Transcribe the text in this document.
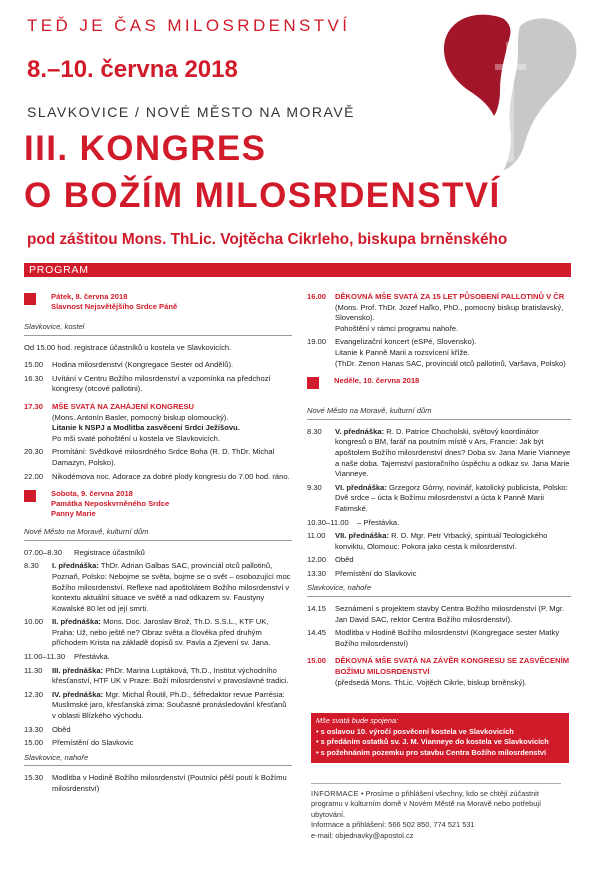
TEĎ JE ČAS MILOSRDENSTVÍ
8.–10. června 2018
SLAVKOVICE / NOVÉ MĚSTO NA MORAVĚ
III. KONGRES
O BOŽÍM MILOSRDENSTVÍ
pod záštitou Mons. ThLic. Vojtěcha Cikrleho, biskupa brněnského
PROGRAM
Pátek, 8. června 2018
Slavnost Nejsvětějšího Srdce Páně
Slavkovice, kostel
Od 15.00 hod. registrace účastníků u kostela ve Slavkovicích.
15.00	Hodina milosrdenství (Kongregace Sester od Andělů).
16.30	Uvítání v Centru Božího milosrdenství a vzpomínka na předchozí kongresy (otcové pallotini).
17.30	MŠE SVATÁ NA ZAHÁJENÍ KONGRESU
(Mons. Antonín Basler, pomocný biskup olomoucký).
Litanie k NSPJ a Modlitba zasvěcení Srdci Ježíšovu.
Po mši svaté pohoštění u kostela ve Slavkovicích.
20.30	Promítání: Svědkové milosrdného Srdce Boha (R. D. ThDr. Michal Damazyn, Polsko).
22.00	Nikodémova noc. Adorace za dobré plody kongresu do 7.00 hod. ráno.
Sobota, 9. června 2018
Památka Neposkvrněného Srdce
Panny Marie
Nové Město na Moravě, kulturní dům
07.00–8.30	Registrace účastníků
8.30	I. přednáška: ThDr. Adrian Galbas SAC, provinciál otců pallotinů, Poznaň, Polsko: Nebojme se světa, bojme se o svět – osobozující moc Božího milosrdenství. Reflexe nad apoštolátem Božího milosrdenství v kontextu aktuální situace ve světě a nad odkazem sv. Faustyny Kowalské 80 let od její smrti.
10.00	II. přednáška: Mons. Doc. Jaroslav Brož, Th.D. S.S.L., KTF UK, Praha: Už, nebo ještě ne? Obraz světa a člověka před druhým příchodem Krista na základě dopisů sv. Pavla a Zjevení sv. Jana.
11.00–11.30	Přestávka.
11.30	III. přednáška: PhDr. Marina Luptáková, Th.D., Institut východního křesťanství, HTF UK v Praze: Boží milosrdenství v pravoslavné tradici.
12.30	IV. přednáška: Mgr. Michal Řoutil, Ph.D., šéfredaktor revue Parrésia: Muslimské jaro, křesťanská zima: Současné pronásledování křesťanů v oblasti Blízkého východu.
13.30	Oběd
15.00	Přemístění do Slavkovic
Slavkovice, nahoře
15.30	Modlitba v Hodině Božího milosrdenství (Poutníci pěší poutí k Božímu milosrdenství)
16.00	DĚKOVNÁ MŠE SVATÁ ZA 15 LET PŮSOBENÍ PALLOTINŮ V ČR
(Mons. Prof. ThDr. Jozef Haľko, PhD., pomocný biskup bratislavský, Slovensko).
Pohoštění v rámci programu nahoře.
19.00	Evangelizační koncert (eSPé, Slovensko).
Litanie k Panně Marii a rozsvícení kříže.
(ThDr. Zenon Hanas SAC, provinciál otců pallotinů, Varšava, Polsko)
Neděle, 10. června 2018
Nové Město na Moravě, kulturní dům
8.30	V. přednáška: R. D. Patrice Chocholski, světový koordinátor kongresů o BM, farář na poutním místě v Ars, Francie: Jak být apoštolem Božího milosrdenství dnes? Doba sv. Jana Marie Vianneye a naše doba. Tajemství pastoračního úspěchu a odkaz sv. Jana Marie Vianneye.
9.30	VI. přednáška: Grzegorz Górny, novinář, katolický publicista, Polsko: Dvě srdce – úcta k Božímu milosrdenství a úcta k Panně Marii Fatimské.
10.30–11.00	– Přestávka.
11.00	VII. přednáška: R. D. Mgr. Petr Vrbacký, spirituál Teologického konviktu, Olomouc: Pokora jako cesta k milosrdenství.
12.00	Oběd
13.30	Přemístění do Slavkovic
Slavkovice, nahoře
14.15	Seznámení s projektem stavby Centra Božího milosrdenství (P. Mgr. Jan David SAC, rektor Centra Božího milosrdenství).
14.45	Modlitba v Hodině Božího milosrdenství (Kongregace sester Matky Božího milosrdenství)
15.00	DĚKOVNÁ MŠE SVATÁ NA ZÁVĚR KONGRESU SE ZASVĚCENÍM BOŽÍMU MILOSRDENSTVÍ
(předsedá Mons. ThLic. Vojtěch Cikrle, biskup brněnský).
Mše svatá bude spojena:
• s oslavou 10. výročí posvěcení kostela ve Slavkovicích
• s předáním ostatků sv. J. M. Vianneye do kostela ve Slavkovicích
• s požehnáním pozemku pro stavbu Centra Božího milosrdenství
INFORMACE • Prosíme o přihlášení všechny, kdo se chtějí zúčastnit programu v kulturním domě v Novém Městě na Moravě nebo potřebují ubytování.
Informace a přihlášení: 566 502 850, 774 521 531
e-mail: objednavky@apostol.cz
